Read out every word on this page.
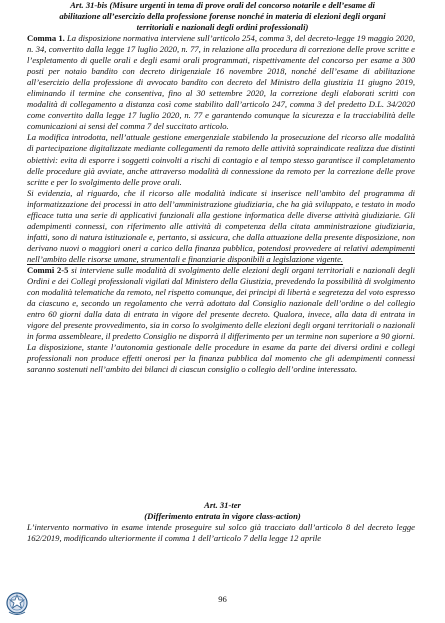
Art. 31-bis (Misure urgenti in tema di prove orali del concorso notarile e dell’esame di
abilitazione all’esercizio della professione forense nonché in materia di elezioni degli organi
territoriali e nazionali degli ordini professionali)

Comma 1. La disposizione normativa interviene sull’articolo 254, comma 3, del decreto-legge 19 maggio 2020, n. 34, convertito dalla legge 17 luglio 2020, n. 77, in relazione alla procedura di correzione delle prove scritte e l’espletamento di quelle orali e degli esami orali programmati, rispettivamente del concorso per esame a 300 posti per notaio bandito con decreto dirigenziale 16 novembre 2018, nonché dell’esame di abilitazione all’esercizio della professione di avvocato bandito con decreto del Ministro della giustizia 11 giugno 2019, eliminando il termine che consentiva, fino al 30 settembre 2020, la correzione degli elaborati scritti con modalità di collegamento a distanza così come stabilito dall’articolo 247, comma 3 del predetto D.L. 34/2020 come convertito dalla legge 17 luglio 2020, n. 77 e garantendo comunque la sicurezza e la tracciabilità delle comunicazioni ai sensi del comma 7 del succitato articolo.

La modifica introdotta, nell’attuale gestione emergenziale stabilendo la prosecuzione del ricorso alle modalità di partecipazione digitalizzate mediante collegamenti da remoto delle attività sopraindicate realizza due distinti obiettivi: evita di esporre i soggetti coinvolti a rischi di contagio e al tempo stesso garantisce il completamento delle procedure già avviate, anche attraverso modalità di connessione da remoto per la correzione delle prove scritte e per lo svolgimento delle prove orali.

Si evidenzia, al riguardo, che il ricorso alle modalità indicate si inserisce nell’ambito del programma di informatizzazione dei processi in atto dell’amministrazione giudiziaria, che ha già sviluppato, e testato in modo efficace tutta una serie di applicativi funzionali alla gestione informatica delle diverse attività giudiziarie. Gli adempimenti connessi, con riferimento alle attività di competenza della citata amministrazione giudiziaria, infatti, sono di natura istituzionale e, pertanto, si assicura, che dalla attuazione della presente disposizione, non derivano nuovi o maggiori oneri a carico della finanza pubblica, potendosi provvedere ai relativi adempimenti nell’ambito delle risorse umane, strumentali e finanziarie disponibili a legislazione vigente.

Commi 2-5 si interviene sulle modalità di svolgimento delle elezioni degli organi territoriali e nazionali degli Ordini e dei Collegi professionali vigilati dal Ministero della Giustizia, prevedendo la possibilità di svolgimento con modalità telematiche da remoto, nel rispetto comunque, dei principi di libertà e segretezza del voto espresso da ciascuno e, secondo un regolamento che verrà adottato dal Consiglio nazionale dell’ordine o del collegio entro 60 giorni dalla data di entrata in vigore del presente decreto. Qualora, invece, alla data di entrata in vigore del presente provvedimento, sia in corso lo svolgimento delle elezioni degli organi territoriali o nazionali in forma assembleare, il predetto Consiglio ne disporrà il differimento per un termine non superiore a 90 giorni. La disposizione, stante l’autonomia gestionale delle procedure in esame da parte dei diversi ordini e collegi professionali non produce effetti onerosi per la finanza pubblica dal momento che gli adempimenti connessi saranno sostenuti nell’ambito dei bilanci di ciascun consiglio o collegio dell’ordine interessato.

Art. 31-ter
(Differimento entrata in vigore class-action)

L’intervento normativo in esame intende proseguire sul solco già tracciato dall’articolo 8 del decreto legge 162/2019, modificando ulteriormente il comma 1 dell’articolo 7 della legge 12 aprile

96
